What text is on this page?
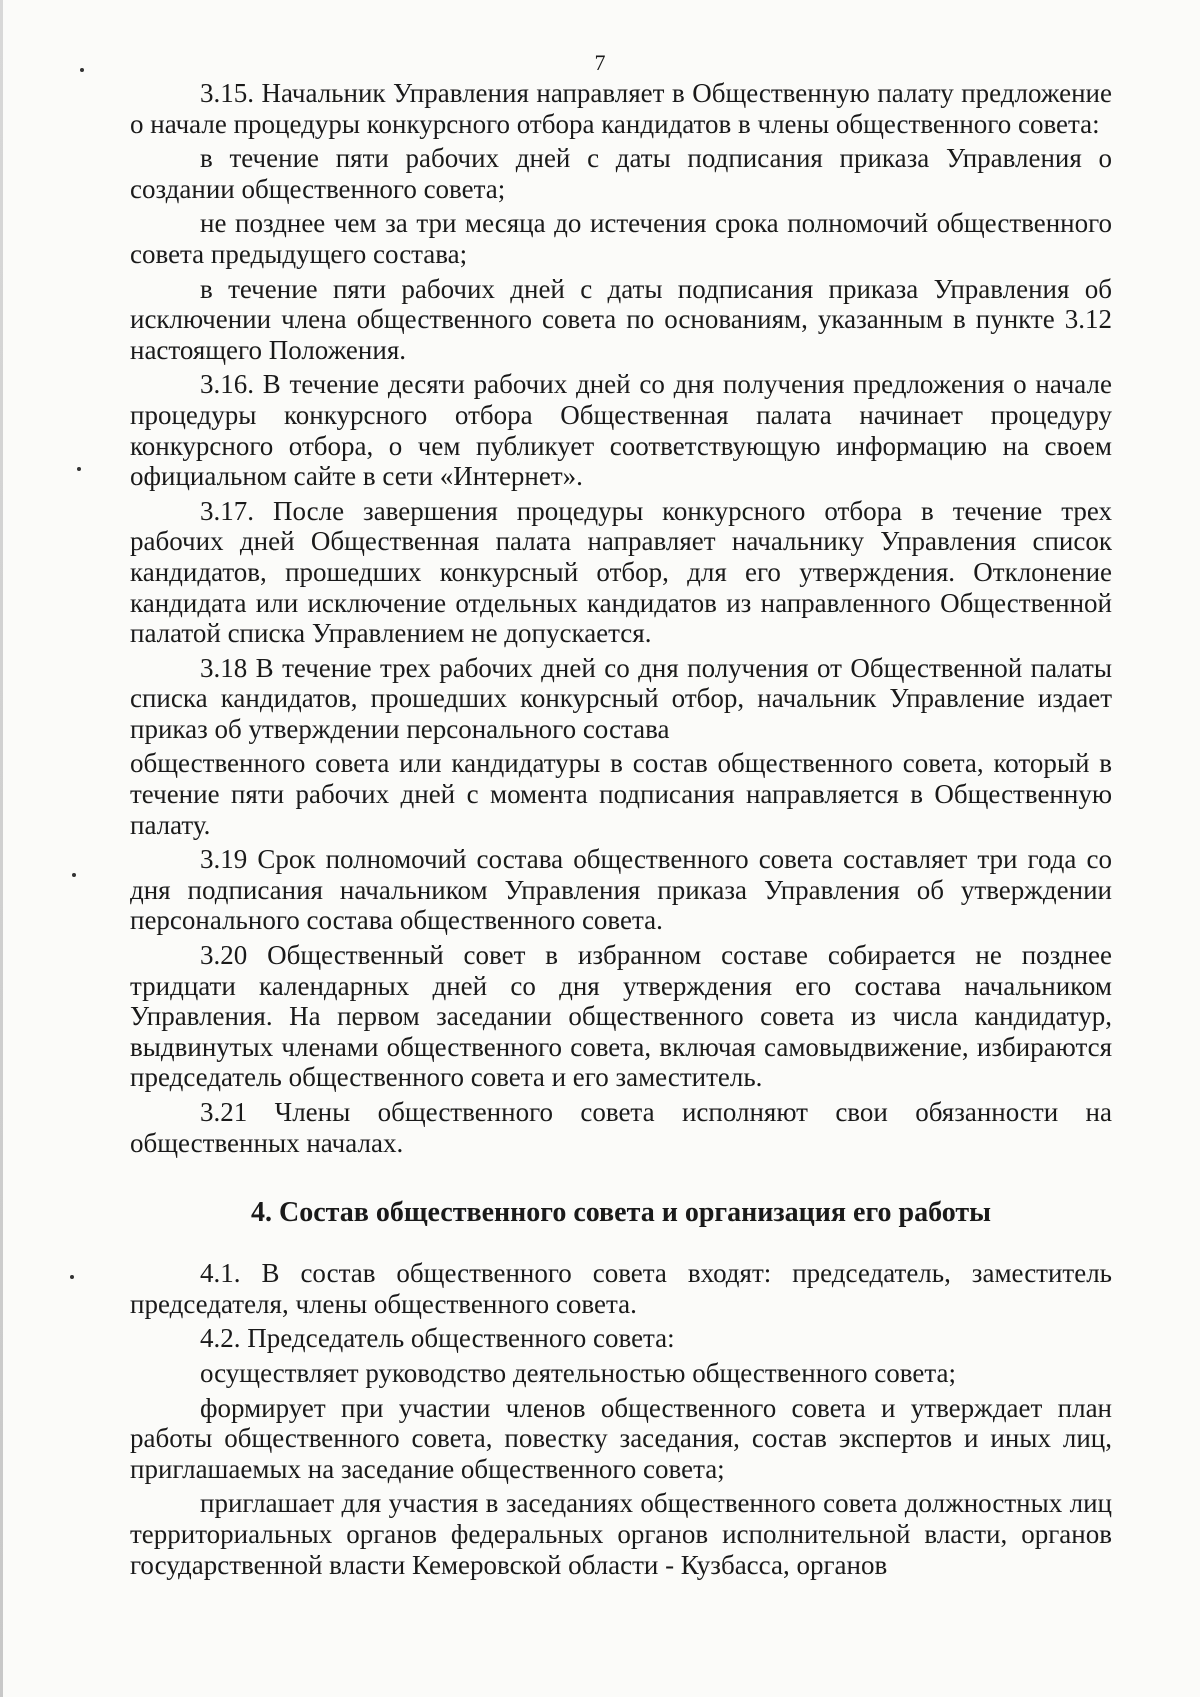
7

3.15. Начальник Управления направляет в Общественную палату предложение о начале процедуры конкурсного отбора кандидатов в члены общественного совета:

в течение пяти рабочих дней с даты подписания приказа Управления о создании общественного совета;

не позднее чем за три месяца до истечения срока полномочий общественного совета предыдущего состава;

в течение пяти рабочих дней с даты подписания приказа Управления об исключении члена общественного совета по основаниям, указанным в пункте 3.12 настоящего Положения.

3.16. В течение десяти рабочих дней со дня получения предложения о начале процедуры конкурсного отбора Общественная палата начинает процедуру конкурсного отбора, о чем публикует соответствующую информацию на своем официальном сайте в сети «Интернет».

3.17. После завершения процедуры конкурсного отбора в течение трех рабочих дней Общественная палата направляет начальнику Управления список кандидатов, прошедших конкурсный отбор, для его утверждения. Отклонение кандидата или исключение отдельных кандидатов из направленного Общественной палатой списка Управлением не допускается.

3.18 В течение трех рабочих дней со дня получения от Общественной палаты списка кандидатов, прошедших конкурсный отбор, начальник Управление издает приказ об утверждении персонального состава

общественного совета или кандидатуры в состав общественного совета, который в течение пяти рабочих дней с момента подписания направляется в Общественную палату.

3.19 Срок полномочий состава общественного совета составляет три года со дня подписания начальником Управления приказа Управления об утверждении персонального состава общественного совета.

3.20 Общественный совет в избранном составе собирается не позднее тридцати календарных дней со дня утверждения его состава начальником Управления. На первом заседании общественного совета из числа кандидатур, выдвинутых членами общественного совета, включая самовыдвижение, избираются председатель общественного совета и его заместитель.

3.21 Члены общественного совета исполняют свои обязанности на общественных началах.

4. Состав общественного совета и организация его работы

4.1. В состав общественного совета входят: председатель, заместитель председателя, члены общественного совета.

4.2. Председатель общественного совета:

осуществляет руководство деятельностью общественного совета;

формирует при участии членов общественного совета и утверждает план работы общественного совета, повестку заседания, состав экспертов и иных лиц, приглашаемых на заседание общественного совета;

приглашает для участия в заседаниях общественного совета должностных лиц территориальных органов федеральных органов исполнительной власти, органов государственной власти Кемеровской области - Кузбасса, органов
